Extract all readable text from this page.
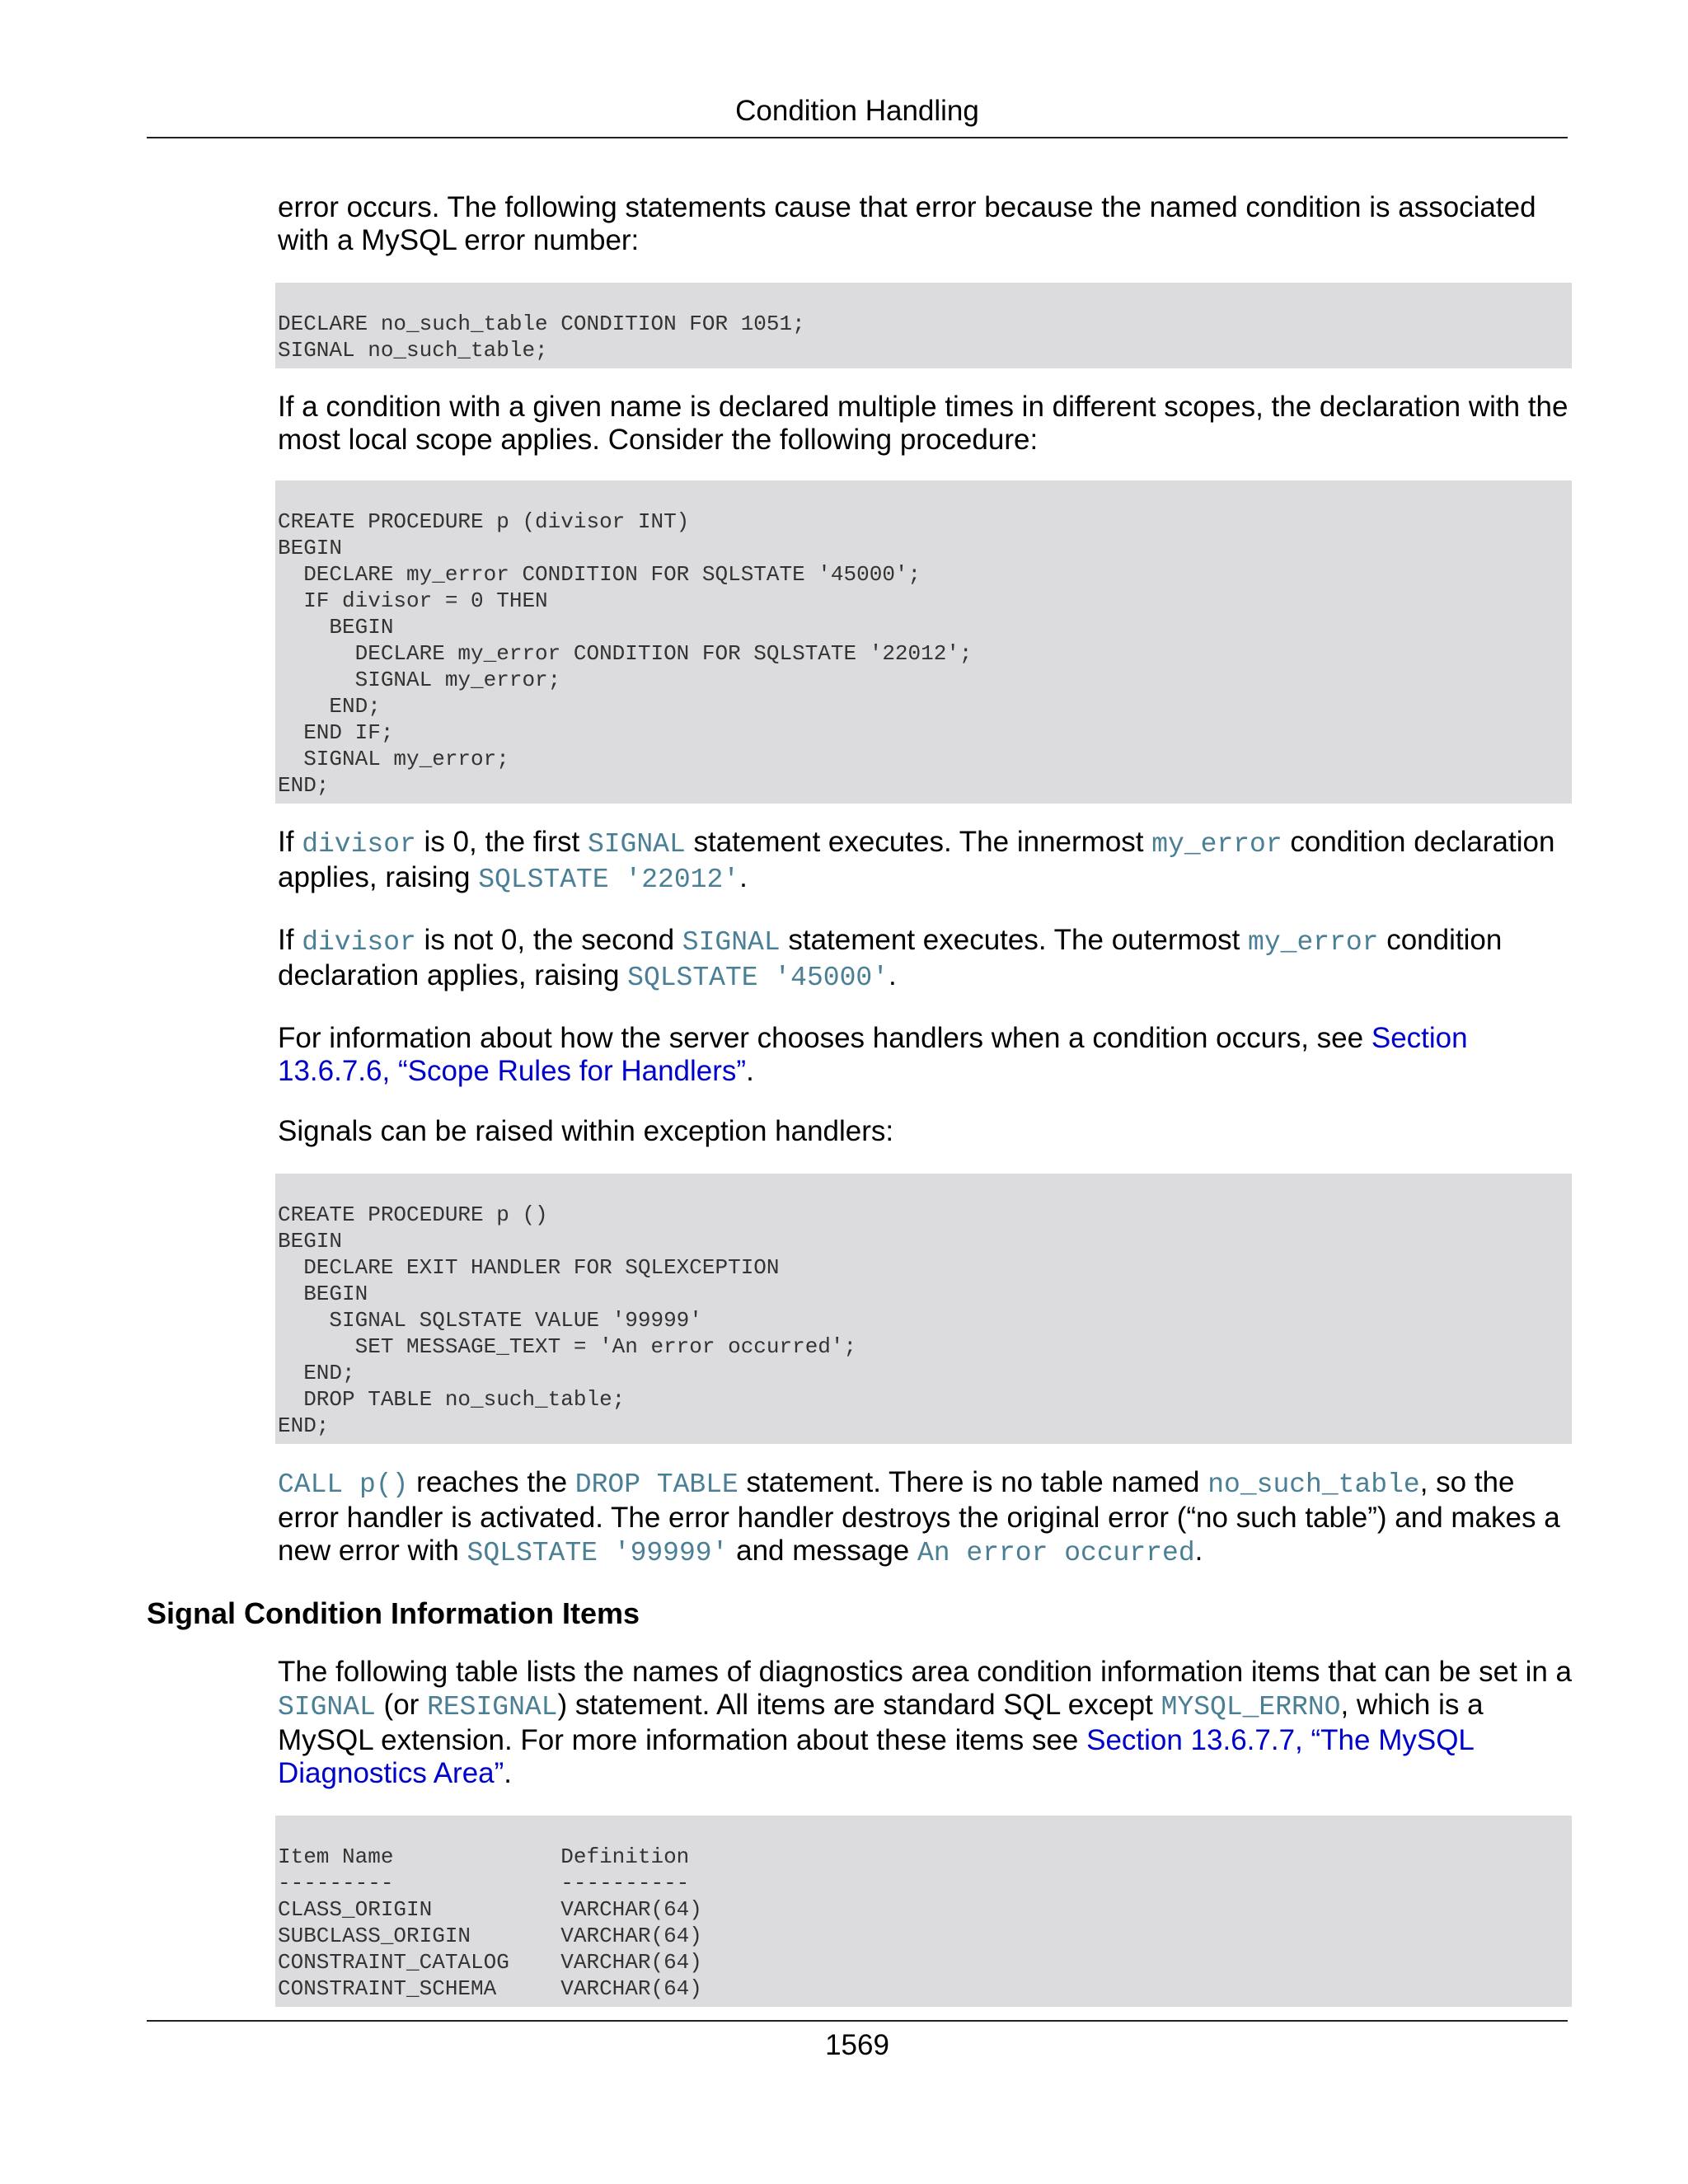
Condition Handling

error occurs. The following statements cause that error because the named condition is associated with a MySQL error number:

DECLARE no_such_table CONDITION FOR 1051;
SIGNAL no_such_table;

If a condition with a given name is declared multiple times in different scopes, the declaration with the most local scope applies. Consider the following procedure:

CREATE PROCEDURE p (divisor INT)
BEGIN
DECLARE my_error CONDITION FOR SQLSTATE '45000';
IF divisor = 0 THEN
BEGIN
DECLARE my_error CONDITION FOR SQLSTATE '22012';
SIGNAL my_error;
END;
END IF;
SIGNAL my_error;
END;

If divisor is 0, the first SIGNAL statement executes. The innermost my_error condition declaration applies, raising SQLSTATE '22012'.

If divisor is not 0, the second SIGNAL statement executes. The outermost my_error condition declaration applies, raising SQLSTATE '45000'.

For information about how the server chooses handlers when a condition occurs, see Section 13.6.7.6, “Scope Rules for Handlers”.

Signals can be raised within exception handlers:

CREATE PROCEDURE p ()
BEGIN
DECLARE EXIT HANDLER FOR SQLEXCEPTION
BEGIN
SIGNAL SQLSTATE VALUE '99999'
SET MESSAGE_TEXT = 'An error occurred';
END;
DROP TABLE no_such_table;
END;

CALL p() reaches the DROP TABLE statement. There is no table named no_such_table, so the error handler is activated. The error handler destroys the original error (“no such table”) and makes a new error with SQLSTATE '99999' and message An error occurred.

Signal Condition Information Items

The following table lists the names of diagnostics area condition information items that can be set in a SIGNAL (or RESIGNAL) statement. All items are standard SQL except MYSQL_ERRNO, which is a MySQL extension. For more information about these items see Section 13.6.7.7, “The MySQL Diagnostics Area”.

Item Name             Definition
---------             ----------
CLASS_ORIGIN          VARCHAR(64)
SUBCLASS_ORIGIN       VARCHAR(64)
CONSTRAINT_CATALOG    VARCHAR(64)
CONSTRAINT_SCHEMA     VARCHAR(64)
1569
